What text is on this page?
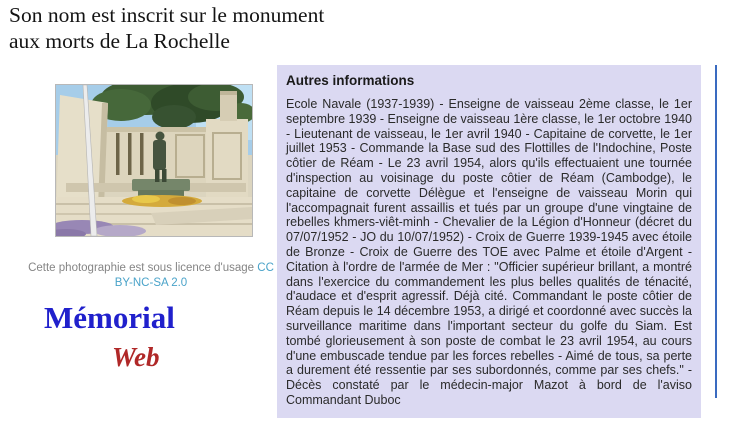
Son nom est inscrit sur le monument
aux morts de La Rochelle
Cette photographie est sous licence d'usage CC
BY-NC-SA 2.0
Mémorial
Web
Autres informations
Ecole Navale (1937-1939) - Enseigne de vaisseau 2ème classe, le 1er septembre 1939 - Enseigne de vaisseau 1ère classe, le 1er octobre 1940 - Lieutenant de vaisseau, le 1er avril 1940 - Capitaine de corvette, le 1er juillet 1953 - Commande la Base sud des Flottilles de l'Indochine, Poste côtier de Réam - Le 23 avril 1954, alors qu'ils effectuaient une tournée d'inspection au voisinage du poste côtier de Réam (Cambodge), le capitaine de corvette Délègue et l'enseigne de vaisseau Morin qui l'accompagnait furent assaillis et tués par un groupe d'une vingtaine de rebelles khmers-viêt-minh - Chevalier de la Légion d'Honneur (décret du 07/07/1952 - JO du 10/07/1952) - Croix de Guerre 1939-1945 avec étoile de Bronze - Croix de Guerre des TOE avec Palme et étoile d'Argent - Citation à l'ordre de l'armée de Mer : "Officier supérieur brillant, a montré dans l'exercice du commandement les plus belles qualités de ténacité, d'audace et d'esprit agressif. Déjà cité. Commandant le poste côtier de Réam depuis le 14 décembre 1953, a dirigé et coordonné avec succès la surveillance maritime dans l'important secteur du golfe du Siam. Est tombé glorieusement à son poste de combat le 23 avril 1954, au cours d'une embuscade tendue par les forces rebelles - Aimé de tous, sa perte a durement été ressentie par ses subordonnés, comme par ses chefs." - Décès constaté par le médecin-major Mazot à bord de l'aviso Commandant Duboc
